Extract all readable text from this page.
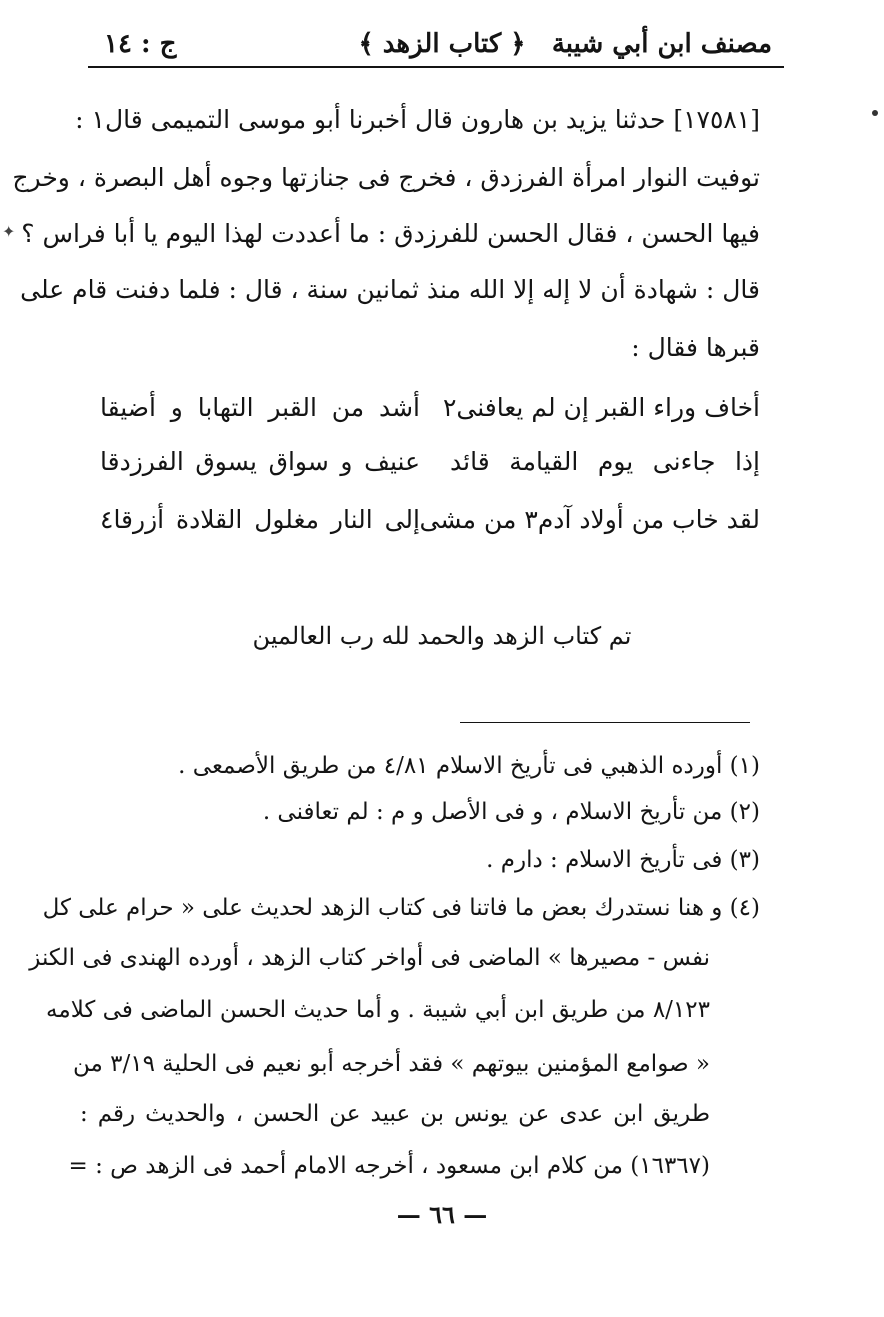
مصنف ابن أبي شيبة
﴿ كتاب الزهد ﴾
ج : ١٤
✦
[١٧٥٨١] حدثنا يزيد بن هارون قال أخبرنا أبو موسى التميمى قال١ :
توفيت النوار امرأة الفرزدق ، فخرج فى جنازتها وجوه أهل البصرة ، وخرج
فيها الحسن ، فقال الحسن للفرزدق : ما أعددت لهذا اليوم يا أبا فراس ؟
قال : شهادة أن لا إله إلا الله منذ ثمانين سنة ، قال : فلما دفنت قام على
قبرها فقال :
أخاف وراء القبر إن لم يعافنى٢
أشد من القبر التهابا و أضيقا
إذا جاءنى يوم القيامة قائد
عنيف و سواق يسوق الفرزدقا
لقد خاب من أولاد آدم٣ من مشى
إلى النار مغلول القلادة أزرقا٤
تم كتاب الزهد والحمد لله رب العالمين
(١) أورده الذهبي فى تأريخ الاسلام ٤/٨١ من طريق الأصمعى .
(٢) من تأريخ الاسلام ، و فى الأصل و م : لم تعافنى .
(٣) فى تأريخ الاسلام : دارم .
(٤) و هنا نستدرك بعض ما فاتنا فى كتاب الزهد لحديث على « حرام على كل
نفس - مصيرها » الماضى فى أواخر كتاب الزهد ، أورده الهندى فى الكنز
٨/١٢٣ من طريق ابن أبي شيبة . و أما حديث الحسن الماضى فى كلامه
« صوامع المؤمنين بيوتهم » فقد أخرجه أبو نعيم فى الحلية ٣/١٩ من
طريق ابن عدى عن يونس بن عبيد عن الحسن ، والحديث رقم :
(١٦٣٦٧) من كلام ابن مسعود ، أخرجه الامام أحمد فى الزهد ص : =
— ٦٦ —
